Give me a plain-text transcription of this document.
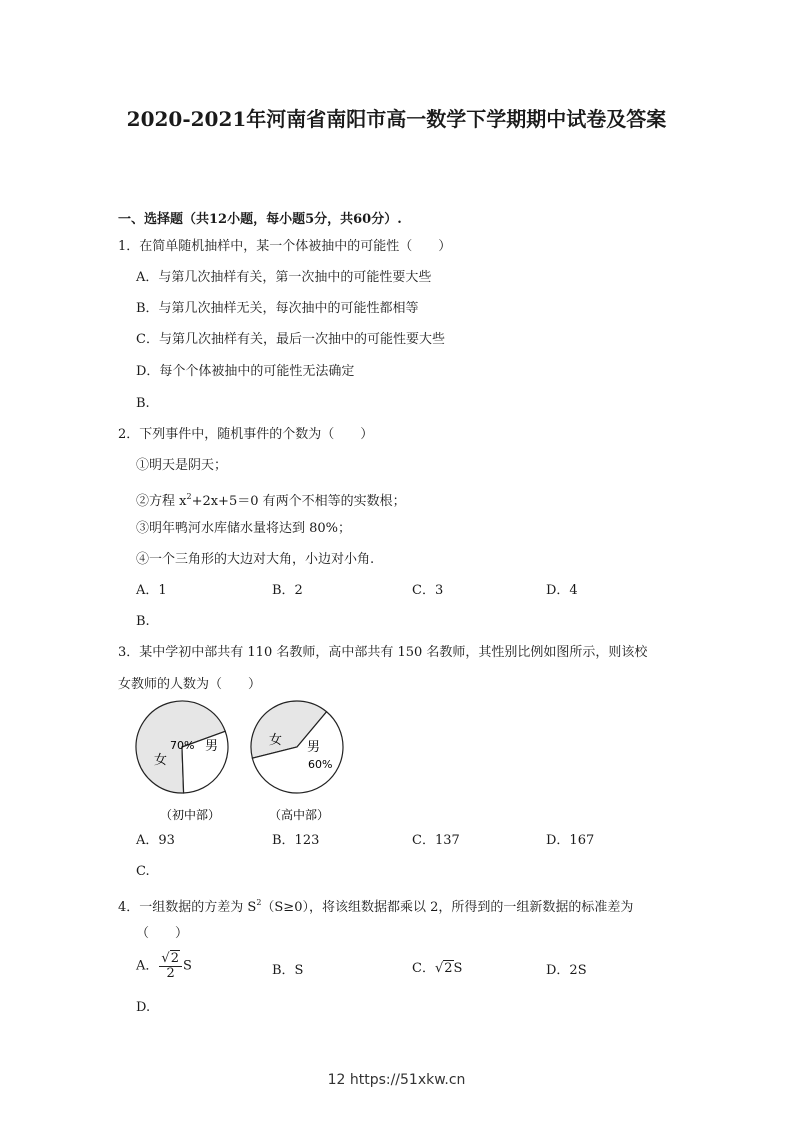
2020-2021年河南省南阳市高一数学下学期期中试卷及答案
一、选择题（共12小题，每小题5分，共60分）.
1．在简单随机抽样中，某一个体被抽中的可能性（　　）
A．与第几次抽样有关，第一次抽中的可能性要大些
B．与第几次抽样无关，每次抽中的可能性都相等
C．与第几次抽样有关，最后一次抽中的可能性要大些
D．每个个体被抽中的可能性无法确定
B.
2．下列事件中，随机事件的个数为（　　）
①明天是阴天；
②方程 $x^2+2x+5=0$ 有两个不相等的实数根；
③明年鸭河水库储水量将达到 80%；
④一个三角形的大边对大角，小边对小角.
A．1	B．2	C．3	D．4
B.
3．某中学初中部共有 110 名教师，高中部共有 150 名教师，其性别比例如图所示，则该校
女教师的人数为（　　）
70%
女
男	女 男
60%
（初中部）	（高中部）
A．93	B．123	C．137	D．167
C.
4．一组数据的方差为 $S^2(S\ge 0)$，将该组数据都乘以 2，所得到的一组新数据的标准差为
（　　）
A． $\frac{√2}{2}$ S	B．S	C．√2S	D．2S
D.
12 https://51xkw.cn
